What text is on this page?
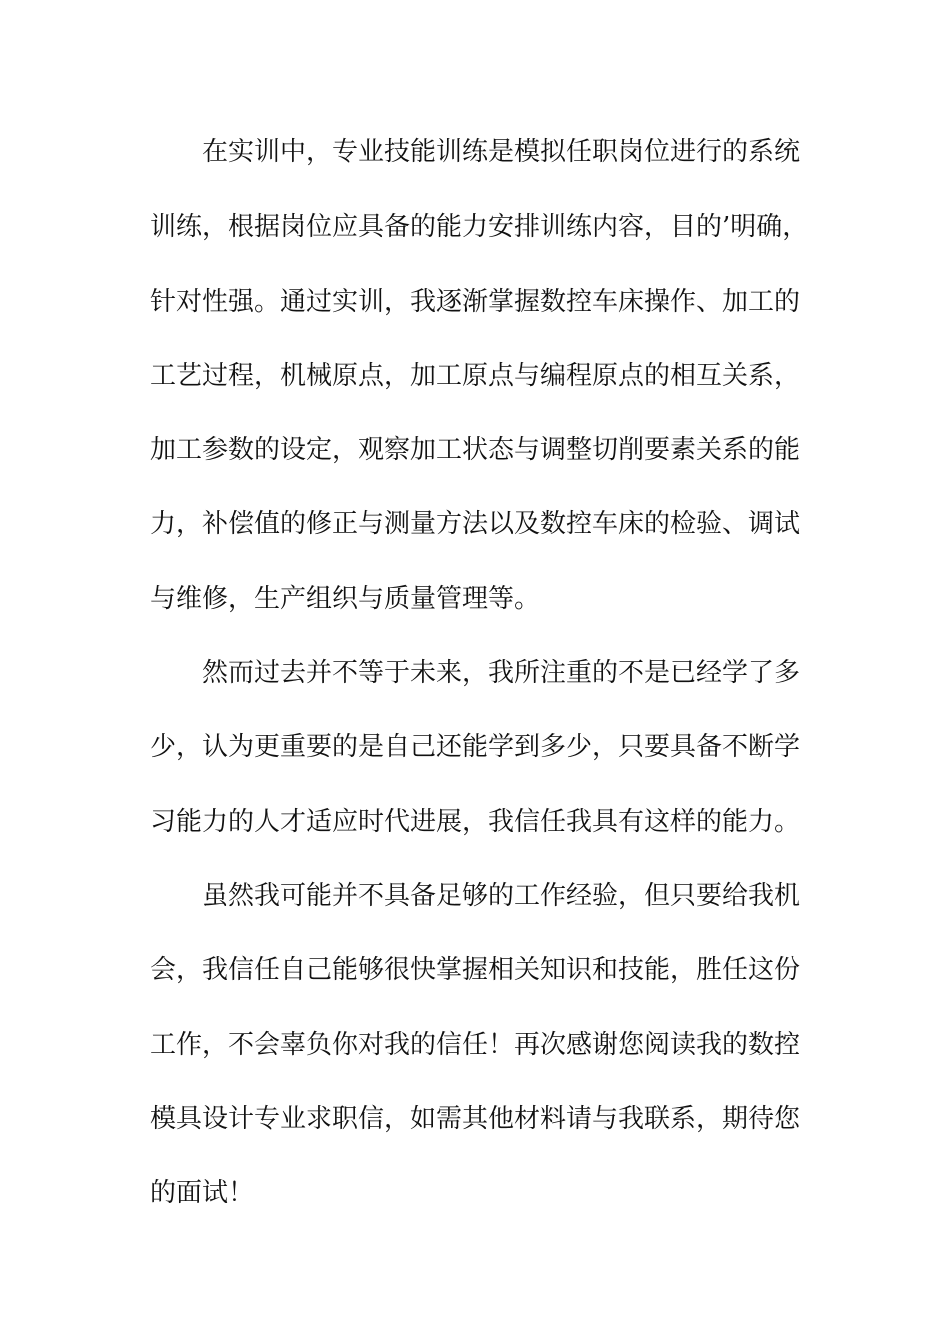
在实训中，专业技能训练是模拟任职岗位进行的系统
训练，根据岗位应具备的能力安排训练内容，目的’明确，
针对性强。通过实训，我逐渐掌握数控车床操作、加工的
工艺过程，机械原点，加工原点与编程原点的相互关系，
加工参数的设定，观察加工状态与调整切削要素关系的能
力，补偿值的修正与测量方法以及数控车床的检验、调试
与维修，生产组织与质量管理等。
然而过去并不等于未来，我所注重的不是已经学了多
少，认为更重要的是自己还能学到多少，只要具备不断学
习能力的人才适应时代进展，我信任我具有这样的能力。
虽然我可能并不具备足够的工作经验，但只要给我机
会，我信任自己能够很快掌握相关知识和技能，胜任这份
工作，不会辜负你对我的信任！再次感谢您阅读我的数控
模具设计专业求职信，如需其他材料请与我联系，期待您
的面试！
